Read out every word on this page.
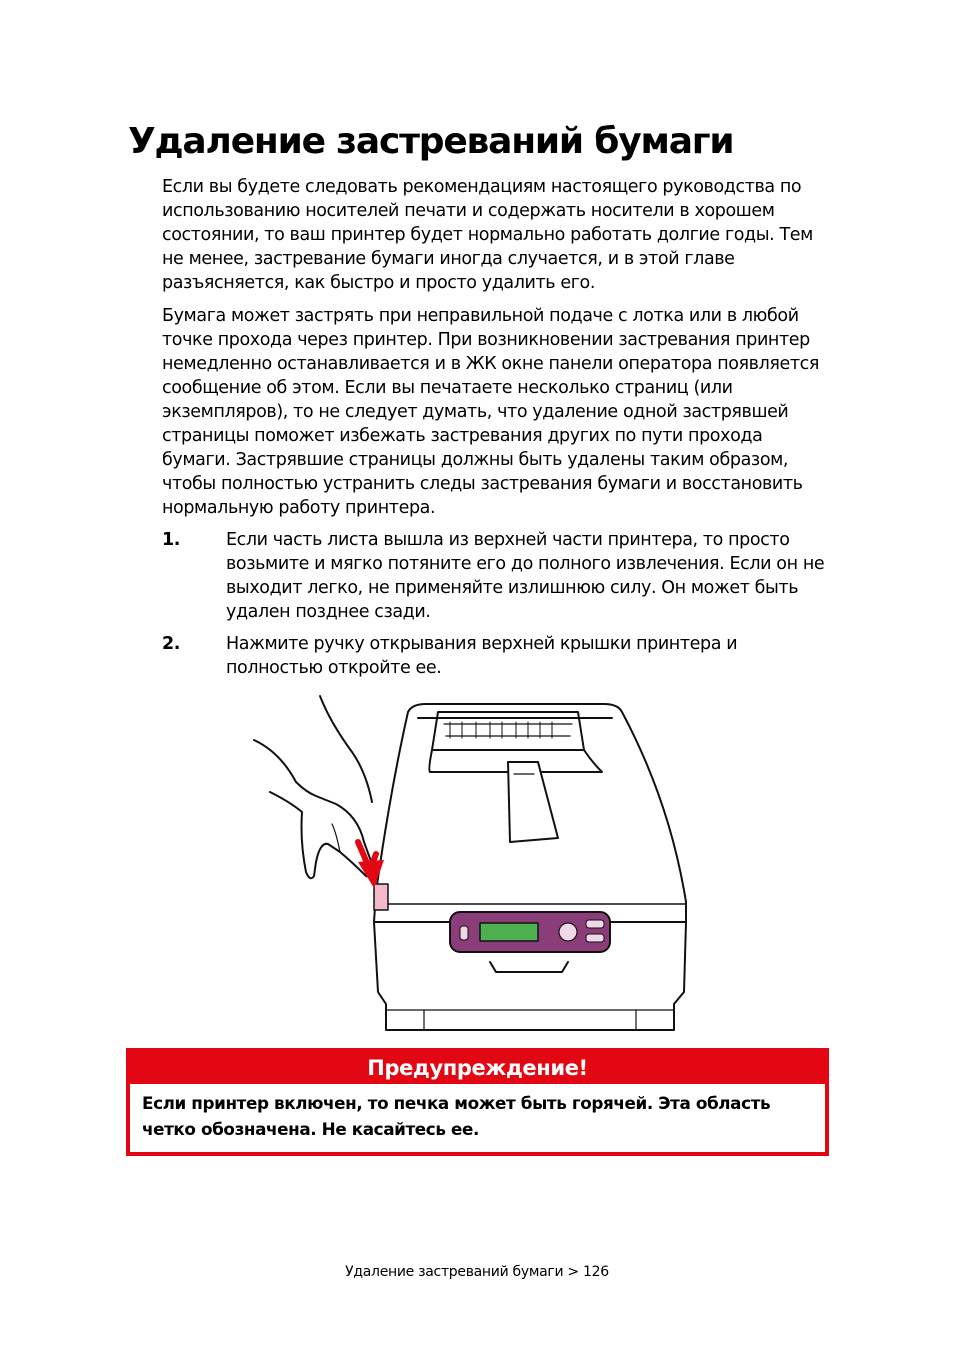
Удаление застреваний бумаги

Если вы будете следовать рекомендациям настоящего руководства по использованию носителей печати и содержать носители в хорошем состоянии, то ваш принтер будет нормально работать долгие годы. Тем не менее, застревание бумаги иногда случается, и в этой главе разъясняется, как быстро и просто удалить его.

Бумага может застрять при неправильной подаче с лотка или в любой точке прохода через принтер. При возникновении застревания принтер немедленно останавливается и в ЖК окне панели оператора появляется сообщение об этом. Если вы печатаете несколько страниц (или экземпляров), то не следует думать, что удаление одной застрявшей страницы поможет избежать застревания других по пути прохода бумаги. Застрявшие страницы должны быть удалены таким образом, чтобы полностью устранить следы застревания бумаги и восстановить нормальную работу принтера.

1.	Если часть листа вышла из верхней части принтера, то просто возьмите и мягко потяните его до полного извлечения. Если он не выходит легко, не применяйте излишнюю силу. Он может быть удален позднее сзади.
2.	Нажмите ручку открывания верхней крышки принтера и полностью откройте ее.
Предупреждение!
Если принтер включен, то печка может быть горячей. Эта область четко обозначена. Не касайтесь ее.
Удаление застреваний бумаги > 126
